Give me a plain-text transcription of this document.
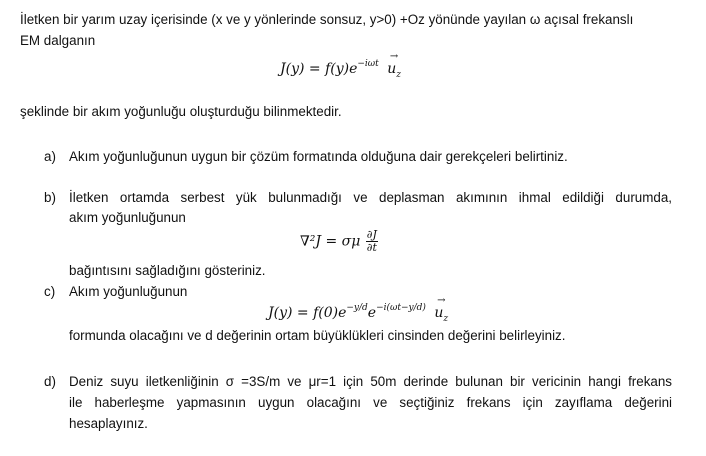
İletken bir yarım uzay içerisinde (x ve y yönlerinde sonsuz, y>0) +Oz yönünde yayılan ω açısal frekanslı
EM dalganın
$J(y) = f(y)e^{-i\omega t} \to u_z$
şeklinde bir akım yoğunluğu oluşturduğu bilinmektedir.
a) Akım yoğunluğunun uygun bir çözüm formatında olduğuna dair gerekçeleri belirtiniz.
b) İletken ortamda serbest yük bulunmadığı ve deplasman akımının ihmal edildiği durumda,
akım yoğunluğunun
∇²J = σμ $\frac{\partial J}{\partial t}$
bağıntısını sağladığını gösteriniz.
c) Akım yoğunluğunun
$J(y) = f(0)e^{-y/d}e^{-i(\omega t-y/d)} \to u_z$
formunda olacağını ve d değerinin ortam büyüklükleri cinsinden değerini belirleyiniz.
d) Deniz suyu iletkenliğinin σ =3S/m ve μr=1 için 50m derinde bulunan bir vericinin hangi frekans
ile haberleşme yapmasının uygun olacağını ve seçtiğiniz frekans için zayıflama değerini
hesaplayınız.
